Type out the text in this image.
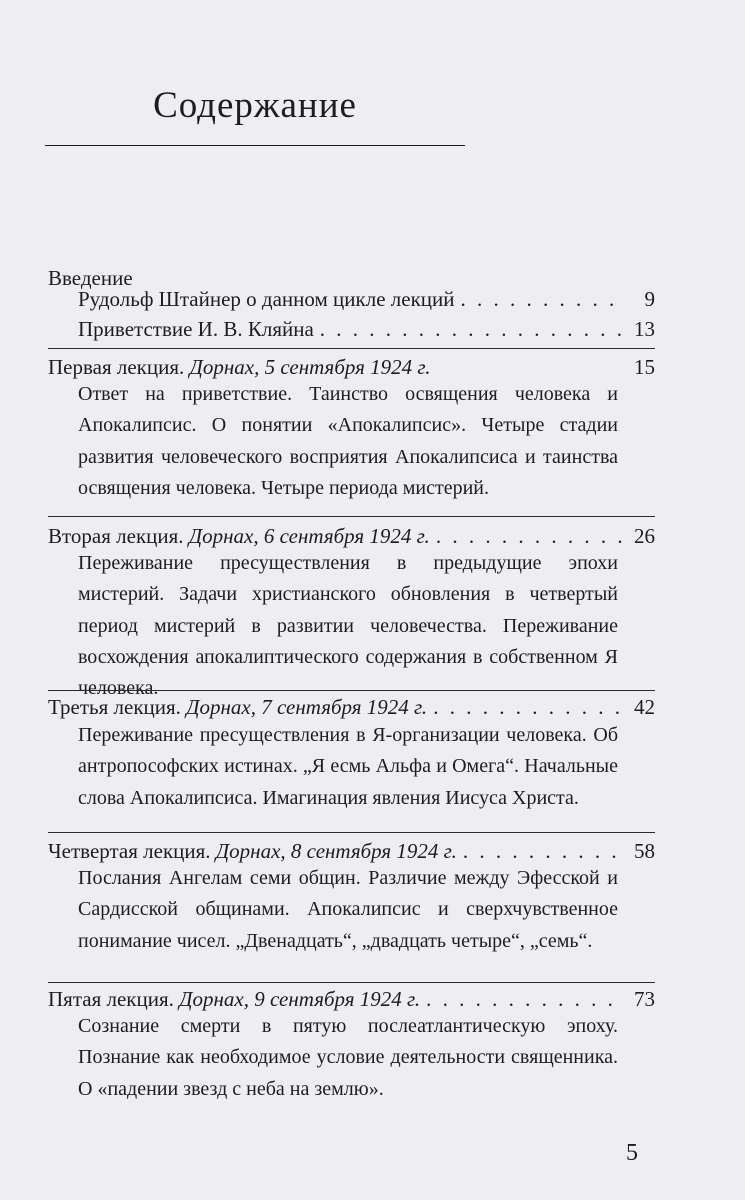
Содержание
Введение
Рудольф Штайнер о данном цикле лекций . . .	9
Приветствие И. В. Кляйна . . .	13
Первая лекция.
Дорнах, 5 сентября 1924 г.	15

Ответ на приветствие. Таинство освящения человека и Апокалипсис. О понятии «Апокалипсис». Четыре стадии развития человеческого восприятия Апокалипсиса и таинства освящения человека. Четыре периода мистерий.

Вторая лекция.
Дорнах, 6 сентября 1924 г. . . .	26

Переживание пресуществления в предыдущие эпохи мистерий. Задачи христианского обновления в четвертый период мистерий в развитии человечества. Переживание восхождения апокалиптического содержания в собственном Я человека.

Третья лекция.
Дорнах, 7 сентября 1924 г. . . .	42

Переживание пресуществления в Я-организации человека. Об антропософских истинах. „Я есмь Альфа и Омега“. Начальные слова Апокалипсиса. Имагинация явления Иисуса Христа.

Четвертая лекция.
Дорнах, 8 сентября 1924 г. . . .	58

Послания Ангелам семи общин. Различие между Эфесской и Сардисской общинами. Апокалипсис и сверхчувственное понимание чисел. „Двенадцать“, „двадцать четыре“, „семь“.

Пятая лекция.
Дорнах, 9 сентября 1924 г. . . .	73

Сознание смерти в пятую послеатлантическую эпоху. Познание как необходимое условие деятельности священника. О «падении звезд с неба на землю».

5
